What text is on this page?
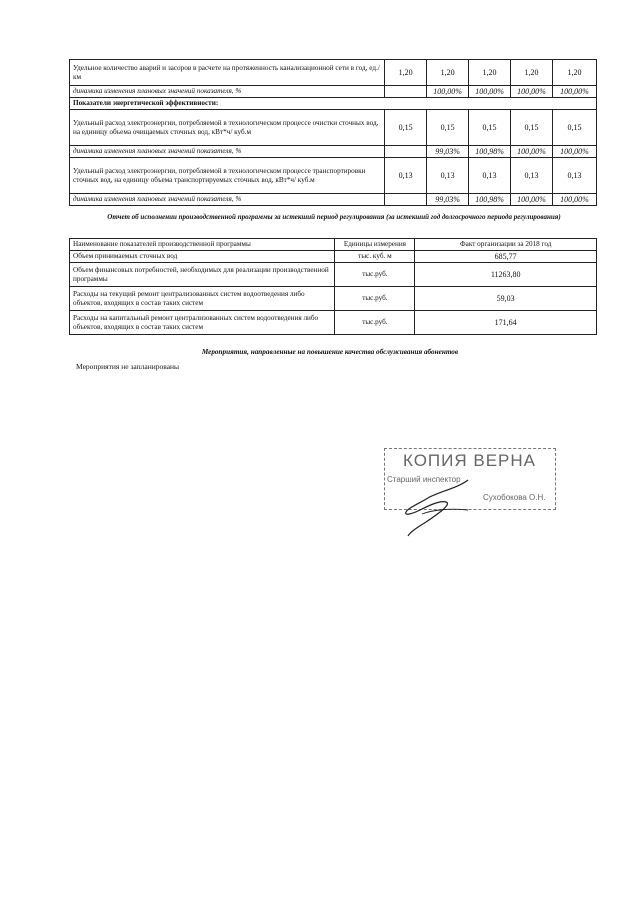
Удельное количество аварий и засоров в расчете на протяженность канализационной сети в год, ед./км	1,20	1,20	1,20	1,20	1,20
динамика изменения плановых значений показателя, %		100,00%	100,00%	100,00%	100,00%
Показатели энергетической эффективности:					
Удельный расход электроэнергии, потребляемой в технологическом процессе очистки сточных вод, на единицу объема очищаемых сточных вод, кВт*ч/ куб.м	0,15	0,15	0,15	0,15	0,15
динамика изменения плановых значений показателя, %		99,03%	100,98%	100,00%	100,00%
Удельный расход электроэнергии, потребляемой в технологическом процессе транспортировки сточных вод, на единицу объема транспортируемых сточных вод, кВт*ч/ куб.м	0,13	0,13	0,13	0,13	0,13
динамика изменения плановых значений показателя, %		99,03%	100,98%	100,00%	100,00%
Отчет об исполнении производственной программы за истекший период регулирования (за истекший год долгосрочного периода регулирования)
Наименование показателей производственной программы	Единицы измерения	Факт организации за 2018 год
Объем принимаемых сточных вод	тыс. куб. м	685,77
Объем финансовых потребностей, необходимых для реализации производственной программы	тыс.руб.	11263,80
Расходы на текущий ремонт централизованных систем водоотведения либо объектов, входящих в состав таких систем	тыс.руб.	59,03
Расходы на капитальный ремонт централизованных систем водоотведения либо объектов, входящих в состав таких систем	тыс.руб.	171,64
Мероприятия, направленные на повышение качества обслуживания абонентов
Мероприятия не запланированы
КОПИЯ ВЕРНА
Старший инспектор
Сухобокова О.Н.
